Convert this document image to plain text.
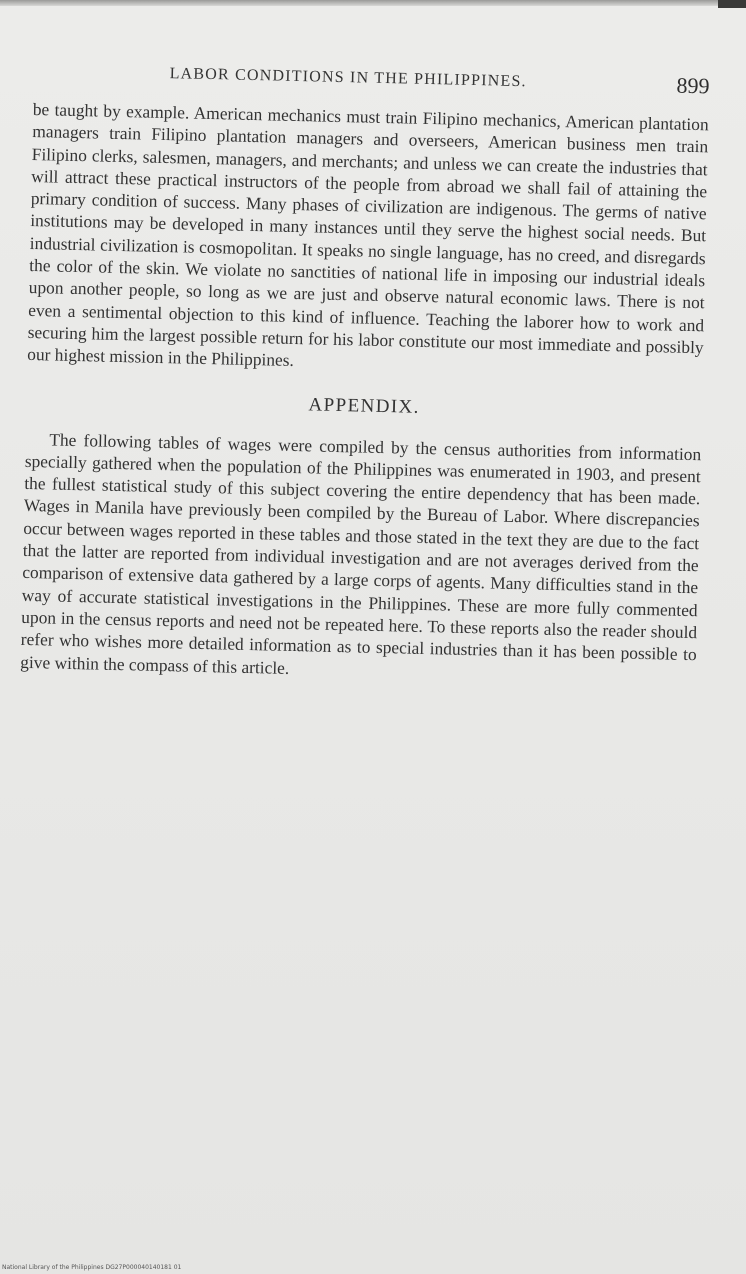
LABOR CONDITIONS IN THE PHILIPPINES.	899

be taught by example. American mechanics must train Filipino mechanics, American plantation managers train Filipino plantation managers and overseers, American business men train Filipino clerks, salesmen, managers, and merchants; and unless we can create the industries that will attract these practical instructors of the people from abroad we shall fail of attaining the primary condition of success. Many phases of civilization are indigenous. The germs of native institutions may be developed in many instances until they serve the highest social needs. But industrial civilization is cosmopolitan. It speaks no single language, has no creed, and disregards the color of the skin. We violate no sanctities of national life in imposing our industrial ideals upon another people, so long as we are just and observe natural economic laws. There is not even a sentimental objection to this kind of influence. Teaching the laborer how to work and securing him the largest possible return for his labor constitute our most immediate and possibly our highest mission in the Philippines.

APPENDIX.

The following tables of wages were compiled by the census authorities from information specially gathered when the population of the Philippines was enumerated in 1903, and present the fullest statistical study of this subject covering the entire dependency that has been made. Wages in Manila have previously been compiled by the Bureau of Labor. Where discrepancies occur between wages reported in these tables and those stated in the text they are due to the fact that the latter are reported from individual investigation and are not averages derived from the comparison of extensive data gathered by a large corps of agents. Many difficulties stand in the way of accurate statistical investigations in the Philippines. These are more fully commented upon in the census reports and need not be repeated here. To these reports also the reader should refer who wishes more detailed information as to special industries than it has been possible to give within the compass of this article.

National Library of the Philippines DG27P000040140181 01
